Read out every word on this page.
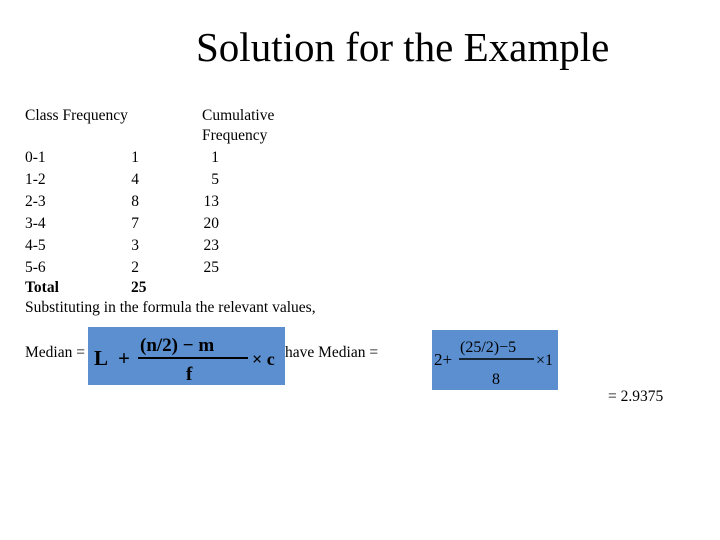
Solution for the Example
Class Frequency	Cumulative
Frequency
0-1	1	1
1-2	4	5
2-3	8	13
3-4	7	20
4-5	3	23
5-6	2	25
Total	25
Substituting in the formula the relevant values,
Median = L +
(n/2) − m
f
× c have Median =	2+
(25/2)−5
8
×1
= 2.9375
